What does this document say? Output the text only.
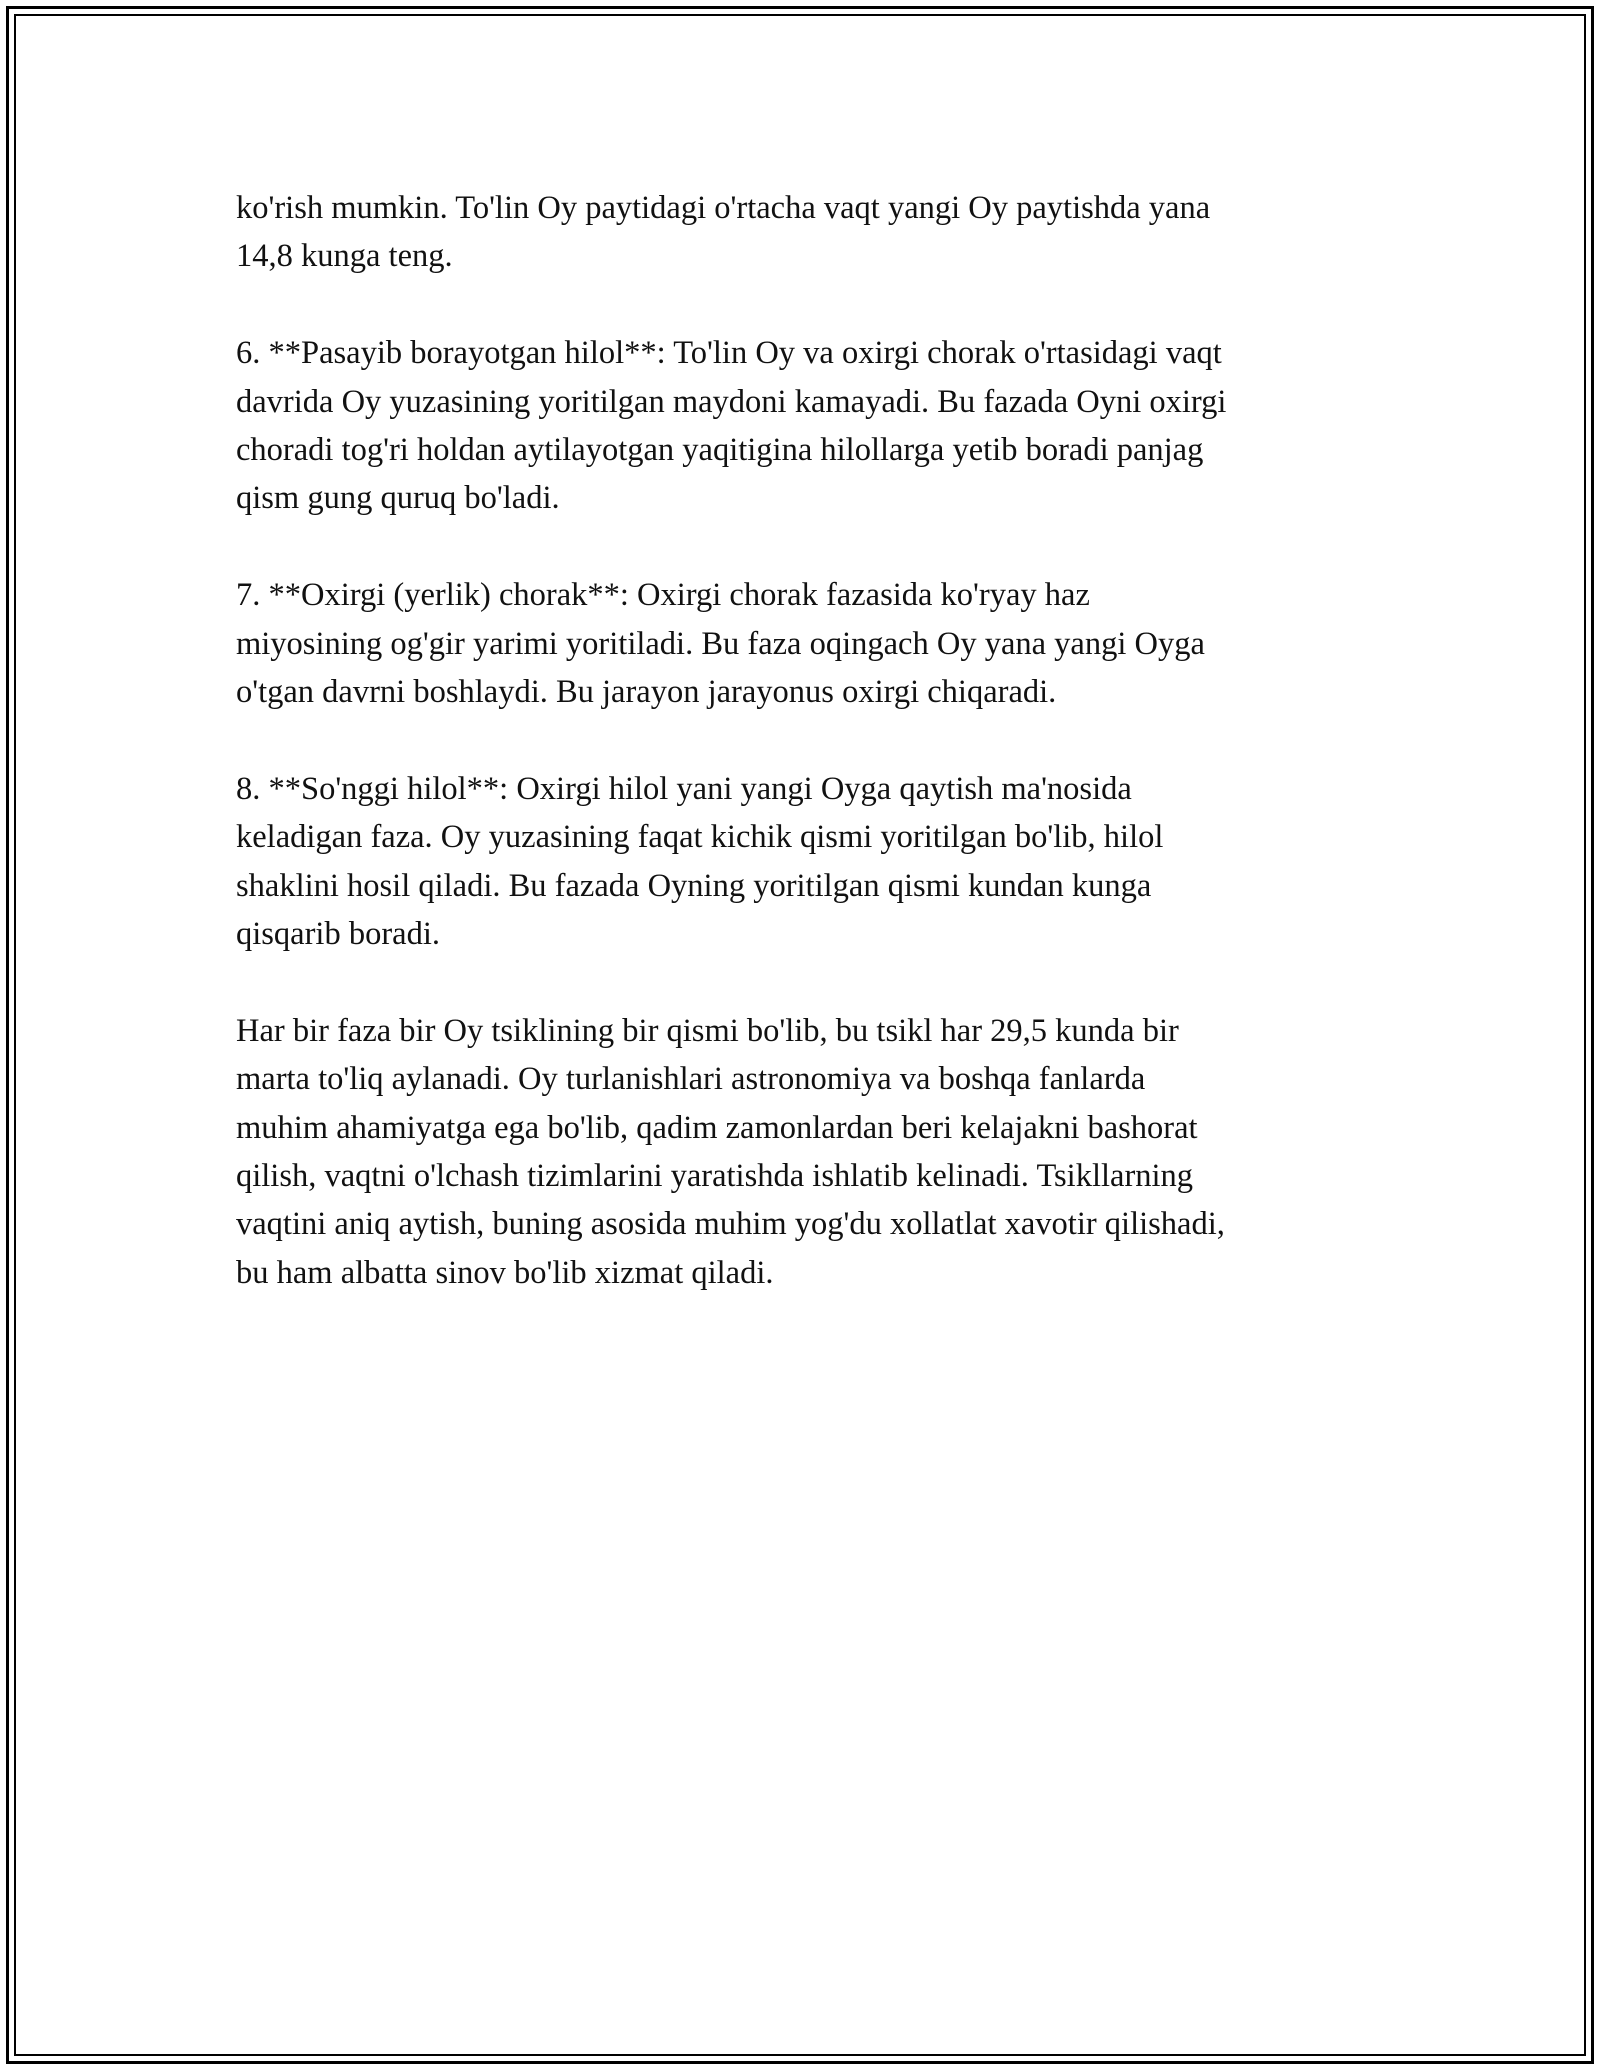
ko'rish mumkin. To'lin Oy paytidagi o'rtacha vaqt yangi Oy paytishda yana
14,8 kunga teng.

6. **Pasayib borayotgan hilol**: To'lin Oy va oxirgi chorak o'rtasidagi vaqt
davrida Oy yuzasining yoritilgan maydoni kamayadi. Bu fazada Oyni oxirgi
choradi tog'ri holdan aytilayotgan yaqitigina hilollarga yetib boradi panjag
qism gung quruq bo'ladi.

7. **Oxirgi (yerlik) chorak**: Oxirgi chorak fazasida ko'ryay haz
miyosining og'gir yarimi yoritiladi. Bu faza oqingach Oy yana yangi Oyga
o'tgan davrni boshlaydi. Bu jarayon jarayonus oxirgi chiqaradi.

8. **So'nggi hilol**: Oxirgi hilol yani yangi Oyga qaytish ma'nosida
keladigan faza. Oy yuzasining faqat kichik qismi yoritilgan bo'lib, hilol
shaklini hosil qiladi. Bu fazada Oyning yoritilgan qismi kundan kunga
qisqarib boradi.

Har bir faza bir Oy tsiklining bir qismi bo'lib, bu tsikl har 29,5 kunda bir
marta to'liq aylanadi. Oy turlanishlari astronomiya va boshqa fanlarda
muhim ahamiyatga ega bo'lib, qadim zamonlardan beri kelajakni bashorat
qilish, vaqtni o'lchash tizimlarini yaratishda ishlatib kelinadi. Tsikllarning
vaqtini aniq aytish, buning asosida muhim yog'du xollatlat xavotir qilishadi,
bu ham albatta sinov bo'lib xizmat qiladi.
